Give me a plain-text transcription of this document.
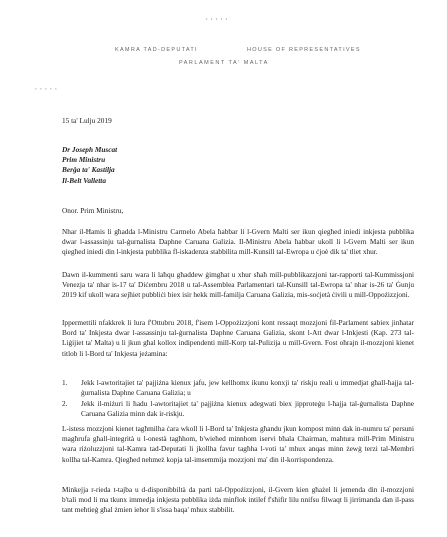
• • • • •
KAMRA TAD-DEPUTATI	HOUSE OF REPRESENTATIVES
PARLAMENT TA' MALTA
* * * * *
15 ta' Lulju 2019
Dr Joseph Muscat
Prim Ministru
Berġa ta' Kastilja
Il-Belt Valletta
Onor. Prim Ministru,
Nhar il-Ħamis li għadda l-Ministru Carmelo Abela ħabbar li l-Gvern Malti ser ikun qiegħed iniedi inkjesta pubblika dwar l-assassinju tal-ġurnalista Daphne Caruana Galizia. Il-Ministru Abela ħabbar ukoll li l-Gvern Malti ser ikun qiegħed iniedi din l-inkjesta pubblika fl-iskadenza stabbilita mill-Kunsill tal-Ewropa u ċjoè dik ta' tliet xhur.
Dawn il-kummenti saru wara li laħqu għaddew ġimgħat u xhur sħaħ mill-pubblikazzjoni tar-rapporti tal-Kummissjoni Venezja ta' nhar is-17 ta' Diċembru 2018 u tal-Assemblea Parlamentari tal-Kunsill tal-Ewropa ta' nhar is-26 ta' Ġunju 2019 kif ukoll wara sejħiet pubbliċi biex isir hekk mill-familja Caruana Galizia, mis-soċjetà ċivili u mill-Oppożizzjoni.
Ippermettili nfakkrek li lura f'Ottubru 2018, f'isem l-Oppożizzjoni kont ressaqt mozzjoni fil-Parlament sabiex jinħatar Bord ta' Inkjesta dwar l-assassinju tal-ġurnalista Daphne Caruana Galizia, skont l-Att dwar l-Inkjesti (Kap. 273 tal-Liġijiet ta' Malta) u li jkun għal kollox indipendenti mill-Korp tal-Pulizija u mill-Gvern. Fost oħrajn il-mozzjoni kienet titlob li l-Bord ta' Inkjesta jeżamina:
1.	Jekk l-awtoritajiet ta' pajjiżna kienux jafu, jew kellhomx ikunu konxji ta' riskju reali u immedjat għall-ħajja tal-ġurnalista Daphne Caruana Galizia; u
2.	Jekk il-miżuri li ħadu l-awtoritajiet ta' pajjiżna kienux adegwati biex jipproteġu l-ħajja tal-ġurnalista Daphne Caruana Galizia minn dak ir-riskju.
L-istess mozzjoni kienet tagħmilha ċara wkoll li l-Bord ta' Inkjesta għandu jkun kompost minn dak in-numru ta' persuni magħrufa għall-integrità u l-onestà tagħhom, b'wieħed minnhom iservi bħala Chairman, maħtura mill-Prim Ministru wara riżoluzzjoni tal-Kamra tad-Deputati li jkollha favur tagħha l-voti ta' mhux anqas minn żewġ terzi tal-Membri kollha tal-Kamra. Qiegħed nehmeż kopja tal-imsemmija mozzjoni ma' din il-korrispondenza.
Minkejja r-rieda t-tajba u d-disponibbiltà da parti tal-Oppożizzjoni, il-Gvern kien għażel li jemenda din il-mozzjoni b'tali mod li ma tkunx immedja inkjesta pubblika iżda minflok intilef f'sħifir lilu nnifsu filwaqt li jirrimanda dan il-pass tant meħtieġ għal żmien iehor li s'issa baqa' mhux stabbilit.
